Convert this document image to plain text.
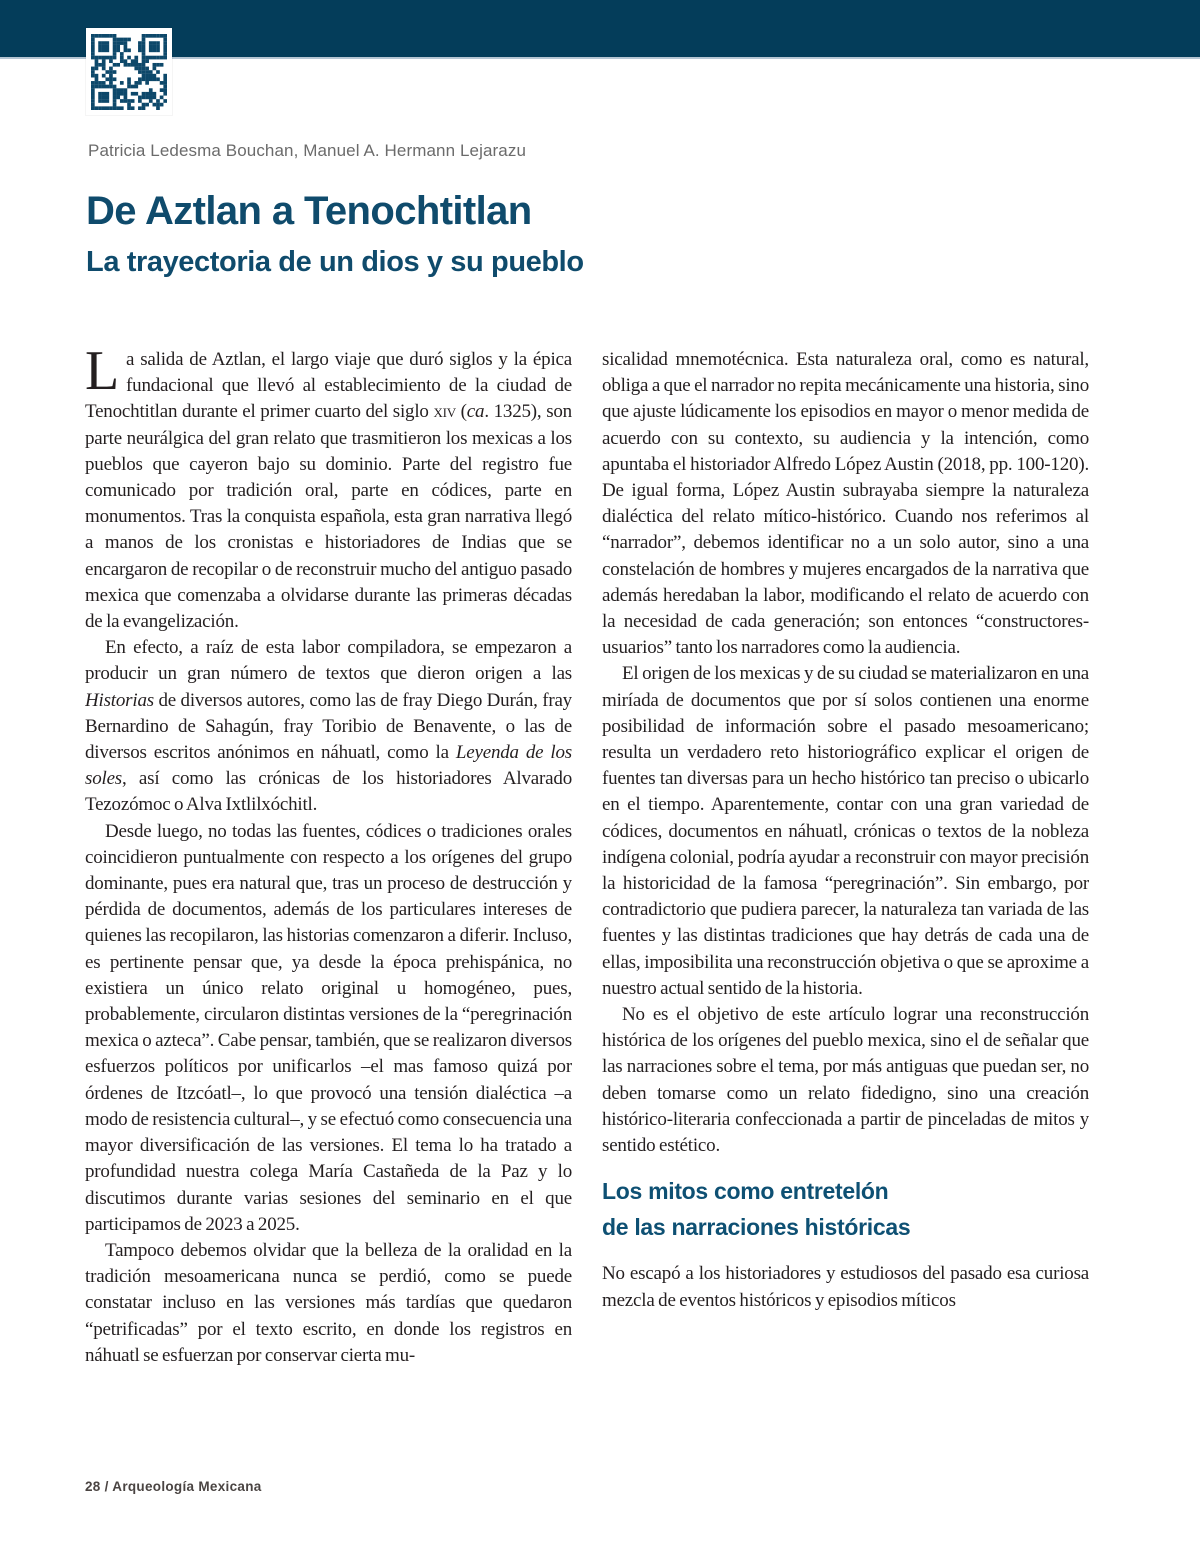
Patricia Ledesma Bouchan, Manuel A. Hermann Lejarazu
De Aztlan a Tenochtitlan
La trayectoria de un dios y su pueblo

La salida de Aztlan, el largo viaje que duró siglos y la épica fundacional que llevó al establecimiento de la ciudad de Tenochtitlan durante el primer cuarto del siglo xiv (ca. 1325), son parte neurálgica del gran relato que trasmitieron los mexicas a los pueblos que cayeron bajo su dominio. Parte del registro fue comunicado por tradición oral, parte en códices, parte en monumentos. Tras la conquista española, esta gran narrativa llegó a manos de los cronistas e historiadores de Indias que se encargaron de recopilar o de reconstruir mucho del antiguo pasado mexica que comenzaba a olvidarse durante las primeras décadas de la evangelización.

En efecto, a raíz de esta labor compiladora, se empezaron a producir un gran número de textos que dieron origen a las Historias de diversos autores, como las de fray Diego Durán, fray Bernardino de Sahagún, fray Toribio de Benavente, o las de diversos escritos anónimos en náhuatl, como la Leyenda de los soles, así como las crónicas de los historiadores Alvarado Tezozómoc o Alva Ixtlilxóchitl.

Desde luego, no todas las fuentes, códices o tradiciones orales coincidieron puntualmente con respecto a los orígenes del grupo dominante, pues era natural que, tras un proceso de destrucción y pérdida de documentos, además de los particulares intereses de quienes las recopilaron, las historias comenzaron a diferir. Incluso, es pertinente pensar que, ya desde la época prehispánica, no existiera un único relato original u homogéneo, pues, probablemente, circularon distintas versiones de la “peregrinación mexica o azteca”. Cabe pensar, también, que se realizaron diversos esfuerzos políticos por unificarlos –el mas famoso quizá por órdenes de Itzcóatl–, lo que provocó una tensión dialéctica –a modo de resistencia cultural–, y se efectuó como consecuencia una mayor diversificación de las versiones. El tema lo ha tratado a profundidad nuestra colega María Castañeda de la Paz y lo discutimos durante varias sesiones del seminario en el que participamos de 2023 a 2025.

Tampoco debemos olvidar que la belleza de la oralidad en la tradición mesoamericana nunca se perdió, como se puede constatar incluso en las versiones más tardías que quedaron “petrificadas” por el texto escrito, en donde los registros en náhuatl se esfuerzan por conservar cierta mu-

sicalidad mnemotécnica. Esta naturaleza oral, como es natural, obliga a que el narrador no repita mecánicamente una historia, sino que ajuste lúdicamente los episodios en mayor o menor medida de acuerdo con su contexto, su audiencia y la intención, como apuntaba el historiador Alfredo López Austin (2018, pp. 100-120). De igual forma, López Austin subrayaba siempre la naturaleza dialéctica del relato mítico-histórico. Cuando nos referimos al “narrador”, debemos identificar no a un solo autor, sino a una constelación de hombres y mujeres encargados de la narrativa que además heredaban la labor, modificando el relato de acuerdo con la necesidad de cada generación; son entonces “constructores-usuarios” tanto los narradores como la audiencia.

El origen de los mexicas y de su ciudad se materializaron en una miríada de documentos que por sí solos contienen una enorme posibilidad de información sobre el pasado mesoamericano; resulta un verdadero reto historiográfico explicar el origen de fuentes tan diversas para un hecho histórico tan preciso o ubicarlo en el tiempo. Aparentemente, contar con una gran variedad de códices, documentos en náhuatl, crónicas o textos de la nobleza indígena colonial, podría ayudar a reconstruir con mayor precisión la historicidad de la famosa “peregrinación”. Sin embargo, por contradictorio que pudiera parecer, la naturaleza tan variada de las fuentes y las distintas tradiciones que hay detrás de cada una de ellas, imposibilita una reconstrucción objetiva o que se aproxime a nuestro actual sentido de la historia.

No es el objetivo de este artículo lograr una reconstrucción histórica de los orígenes del pueblo mexica, sino el de señalar que las narraciones sobre el tema, por más antiguas que puedan ser, no deben tomarse como un relato fidedigno, sino una creación histórico-literaria confeccionada a partir de pinceladas de mitos y sentido estético.

Los mitos como entretelón
de las narraciones históricas

No escapó a los historiadores y estudiosos del pasado esa curiosa mezcla de eventos históricos y episodios míticos

28 / Arqueología Mexicana
